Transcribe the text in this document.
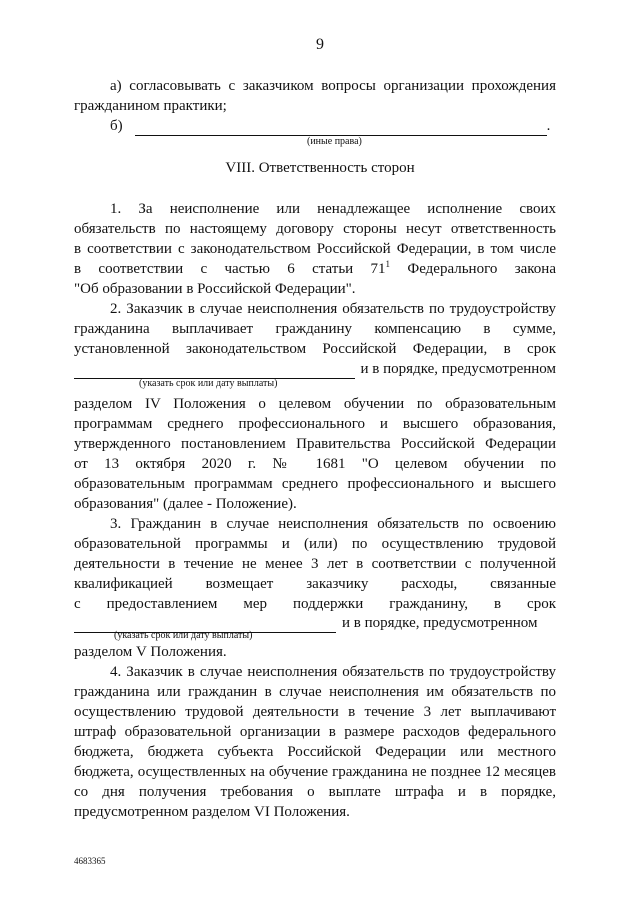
9
а) согласовывать с заказчиком вопросы организации прохождения
гражданином практики;
б)	.
(иные права)
VIII. Ответственность сторон
1. За неисполнение или ненадлежащее исполнение своих
обязательств по настоящему договору стороны несут ответственность
в соответствии с законодательством Российской Федерации, в том числе
в соответствии с частью 6 статьи $71^1$ Федерального закона
"Об образовании в Российской Федерации".
2. Заказчик в случае неисполнения обязательств по трудоустройству
гражданина выплачивает гражданину компенсацию в сумме,
установленной законодательством Российской Федерации, в срок
и в порядке, предусмотренном
(указать срок или дату выплаты)
разделом IV Положения о целевом обучении по образовательным
программам среднего профессионального и высшего образования,
утвержденного постановлением Правительства Российской Федерации
от 13 октября 2020 г. № 1681 "О целевом обучении по
образовательным программам среднего профессионального и высшего
образования" (далее - Положение).
3. Гражданин в случае неисполнения обязательств по освоению
образовательной программы и (или) по осуществлению трудовой
деятельности в течение не менее 3 лет в соответствии с полученной
квалификацией возмещает заказчику расходы, связанные
с предоставлением мер поддержки гражданину, в срок
и в порядке, предусмотренном
(указать срок или дату выплаты)
разделом V Положения.
4. Заказчик в случае неисполнения обязательств по трудоустройству
гражданина или гражданин в случае неисполнения им обязательств по
осуществлению трудовой деятельности в течение 3 лет выплачивают
штраф образовательной организации в размере расходов федерального
бюджета, бюджета субъекта Российской Федерации или местного
бюджета, осуществленных на обучение гражданина не позднее 12 месяцев
со дня получения требования о выплате штрафа и в порядке,
предусмотренном разделом VI Положения.
4683365
